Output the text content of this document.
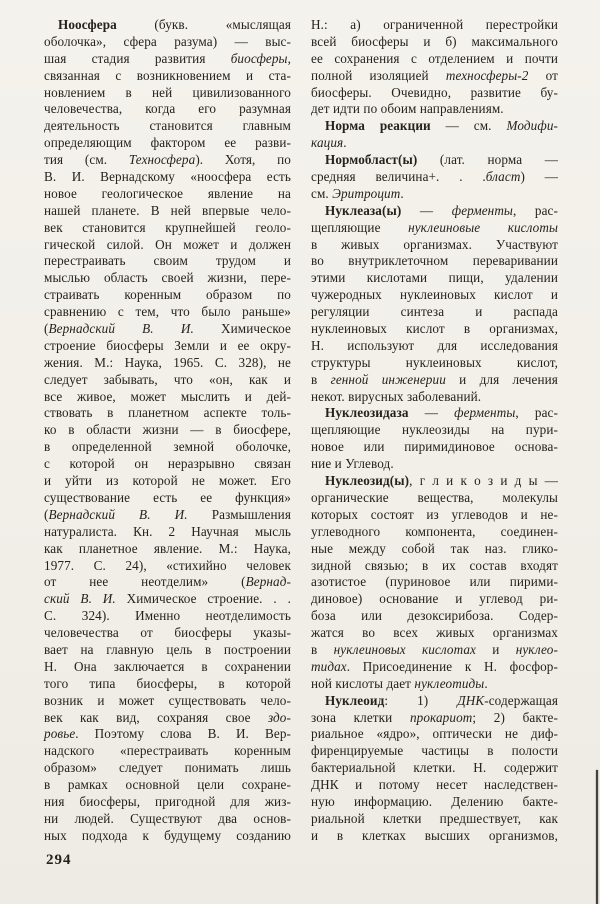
Ноосфера (букв. «мыслящая
оболочка», сфера разума) — выс-
шая стадия развития биосферы,
связанная с возникновением и ста-
новлением в ней цивилизованного
человечества, когда его разумная
деятельность становится главным
определяющим фактором ее разви-
тия (см. Техносфера). Хотя, по
В. И. Вернадскому «ноосфера есть
новое геологическое явление на
нашей планете. В ней впервые чело-
век становится крупнейшей геоло-
гической силой. Он может и должен
перестраивать своим трудом и
мыслью область своей жизни, пере-
страивать коренным образом по
сравнению с тем, что было раньше»
(Вернадский В. И. Химическое
строение биосферы Земли и ее окру-
жения. М.: Наука, 1965. С. 328), не
следует забывать, что «он, как и
все живое, может мыслить и дей-
ствовать в планетном аспекте толь-
ко в области жизни — в биосфере,
в определенной земной оболочке,
с которой он неразрывно связан
и уйти из которой не может. Его
существование есть ее функция»
(Вернадский В. И. Размышления
натуралиста. Кн. 2 Научная мысль
как планетное явление. М.: Наука,
1977. С. 24), «стихийно человек
от нее неотделим» (Вернад-
ский В. И. Химическое строение. . .
С. 324). Именно неотделимость
человечества от биосферы указы-
вает на главную цель в построении
Н. Она заключается в сохранении
того типа биосферы, в которой
возник и может существовать чело-
век как вид, сохраняя свое здо-
ровье. Поэтому слова В. И. Вер-
надского «перестраивать коренным
образом» следует понимать лишь
в рамках основной цели сохране-
ния биосферы, пригодной для жиз-
ни людей. Существуют два основ-
ных подхода к будущему созданию
Н.: а) ограниченной перестройки
всей биосферы и б) максимального
ее сохранения с отделением и почти
полной изоляцией техносферы-2 от
биосферы. Очевидно, развитие бу-
дет идти по обоим направлениям.
Норма реакции — см. Модифи-
кация.
Нормобласт(ы) (лат. норма —
средняя величина+. . .бласт) —
см. Эритроцит.
Нуклеаза(ы) — ферменты, рас-
щепляющие нуклеиновые кислоты
в живых организмах. Участвуют
во внутриклеточном переваривании
этими кислотами пищи, удалении
чужеродных нуклеиновых кислот и
регуляции синтеза и распада
нуклеиновых кислот в организмах,
Н. используют для исследования
структуры нуклеиновых кислот,
в генной инженерии и для лечения
некот. вирусных заболеваний.
Нуклеозидаза — ферменты, рас-
щепляющие нуклеозиды на пури-
новое или пиримидиновое основа-
ние и Углевод.
Нуклеозид(ы), г л и к о з и д ы —
органические вещества, молекулы
которых состоят из углеводов и не-
углеводного компонента, соединен-
ные между собой так наз. глико-
зидной связью; в их состав входят
азотистое (пуриновое или пирими-
диновое) основание и углевод ри-
боза или дезоксирибоза. Содер-
жатся во всех живых организмах
в нуклеиновых кислотах и нуклео-
тидах. Присоединение к Н. фосфор-
ной кислоты дает нуклеотиды.
Нуклеоид: 1) ДНК-содержащая
зона клетки прокариот; 2) бакте-
риальное «ядро», оптически не диф-
фиренцируемые частицы в полости
бактериальной клетки. Н. содержит
ДНК и потому несет наследствен-
ную информацию. Делению бакте-
риальной клетки предшествует, как
и в клетках высших организмов,
294
